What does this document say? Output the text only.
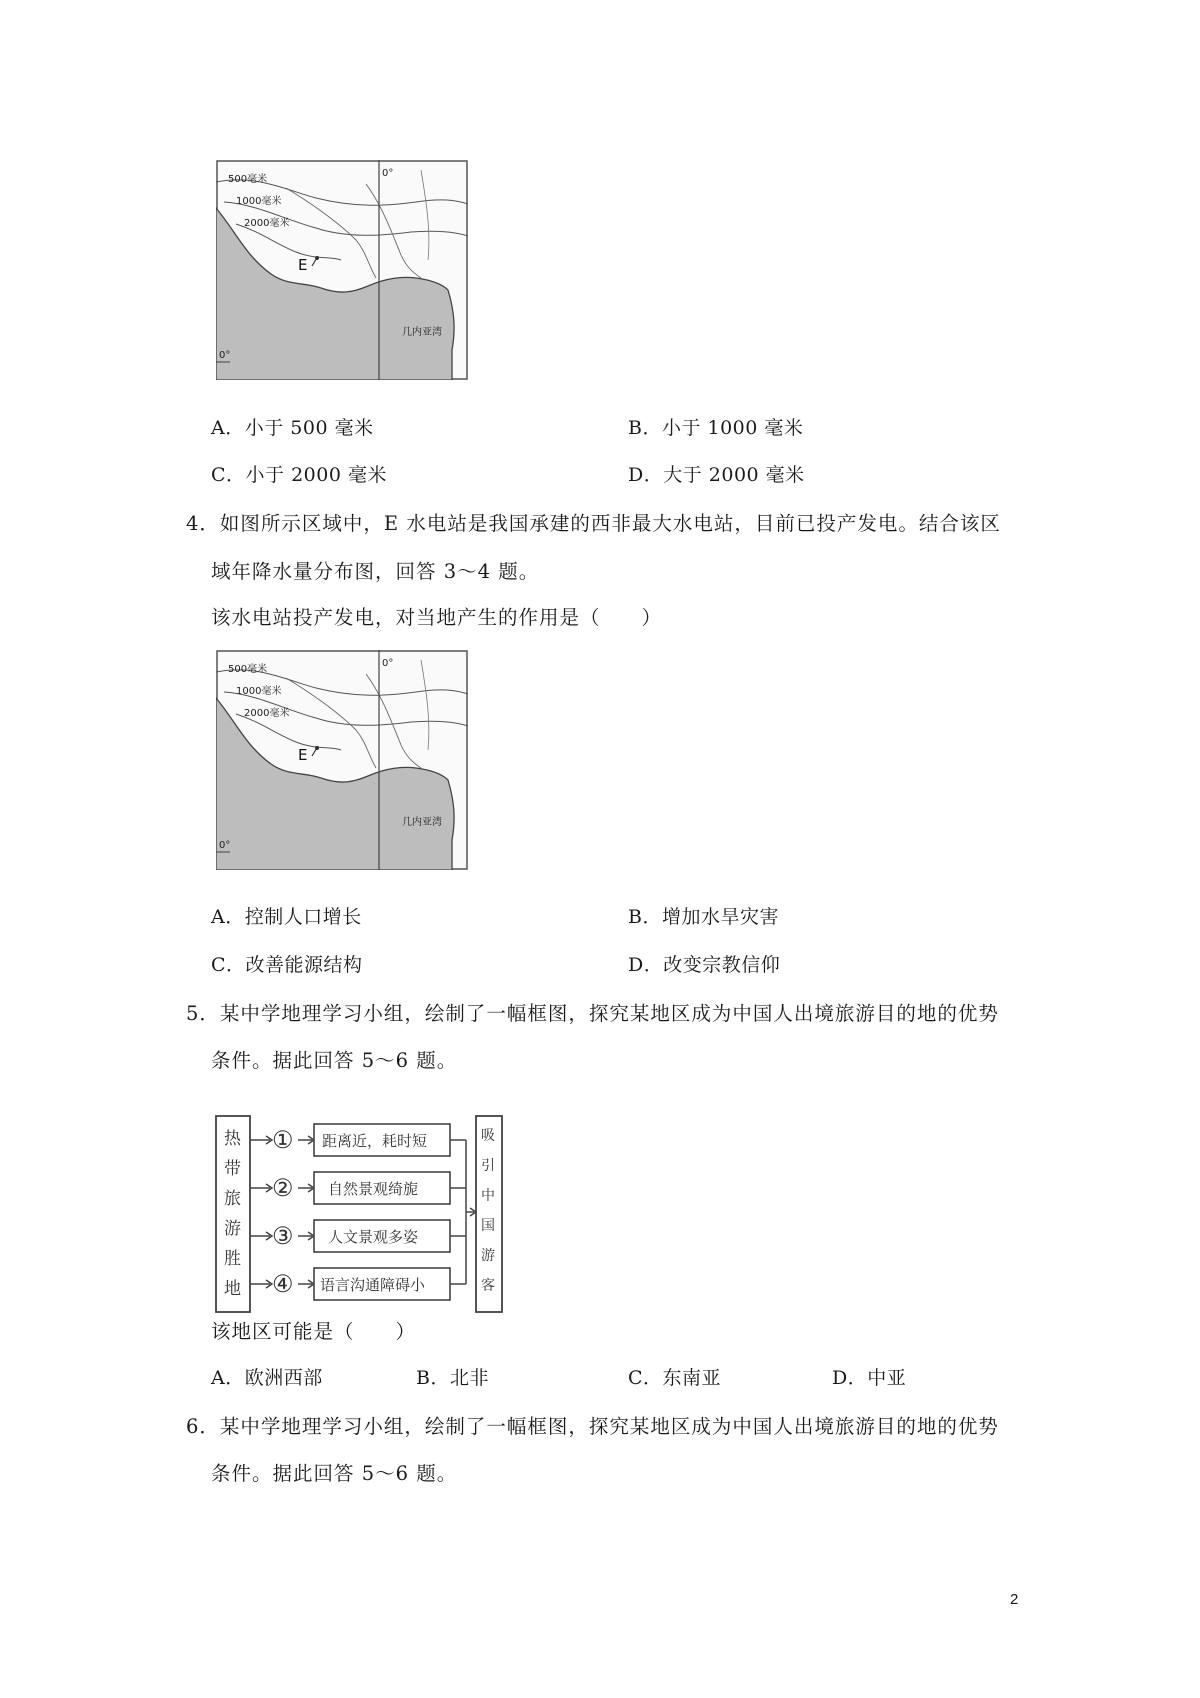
500毫米
1000毫米
2000毫米
0°
0°
E
几内亚湾
A．小于 500 毫米	B．小于 1000 毫米
C．小于 2000 毫米	D．大于 2000 毫米
4．如图所示区域中，E 水电站是我国承建的西非最大水电站，目前已投产发电。结合该区
域年降水量分布图，回答 3～4 题。
该水电站投产发电，对当地产生的作用是（　　）
500毫米
1000毫米
2000毫米
0°
0°
E
几内亚湾
A．控制人口增长	B．增加水旱灾害
C．改善能源结构	D．改变宗教信仰
5．某中学地理学习小组，绘制了一幅框图，探究某地区成为中国人出境旅游目的地的优势
条件。据此回答 5～6 题。
热
带
旅
游
胜
地
① 距离近，耗时短
② 自然景观绮旎
③ 人文景观多姿
④ 语言沟通障碍小
吸
引
中
国
游
客
该地区可能是（　　）
A．欧洲西部	B．北非	C．东南亚	D．中亚
6．某中学地理学习小组，绘制了一幅框图，探究某地区成为中国人出境旅游目的地的优势
条件。据此回答 5～6 题。
2
